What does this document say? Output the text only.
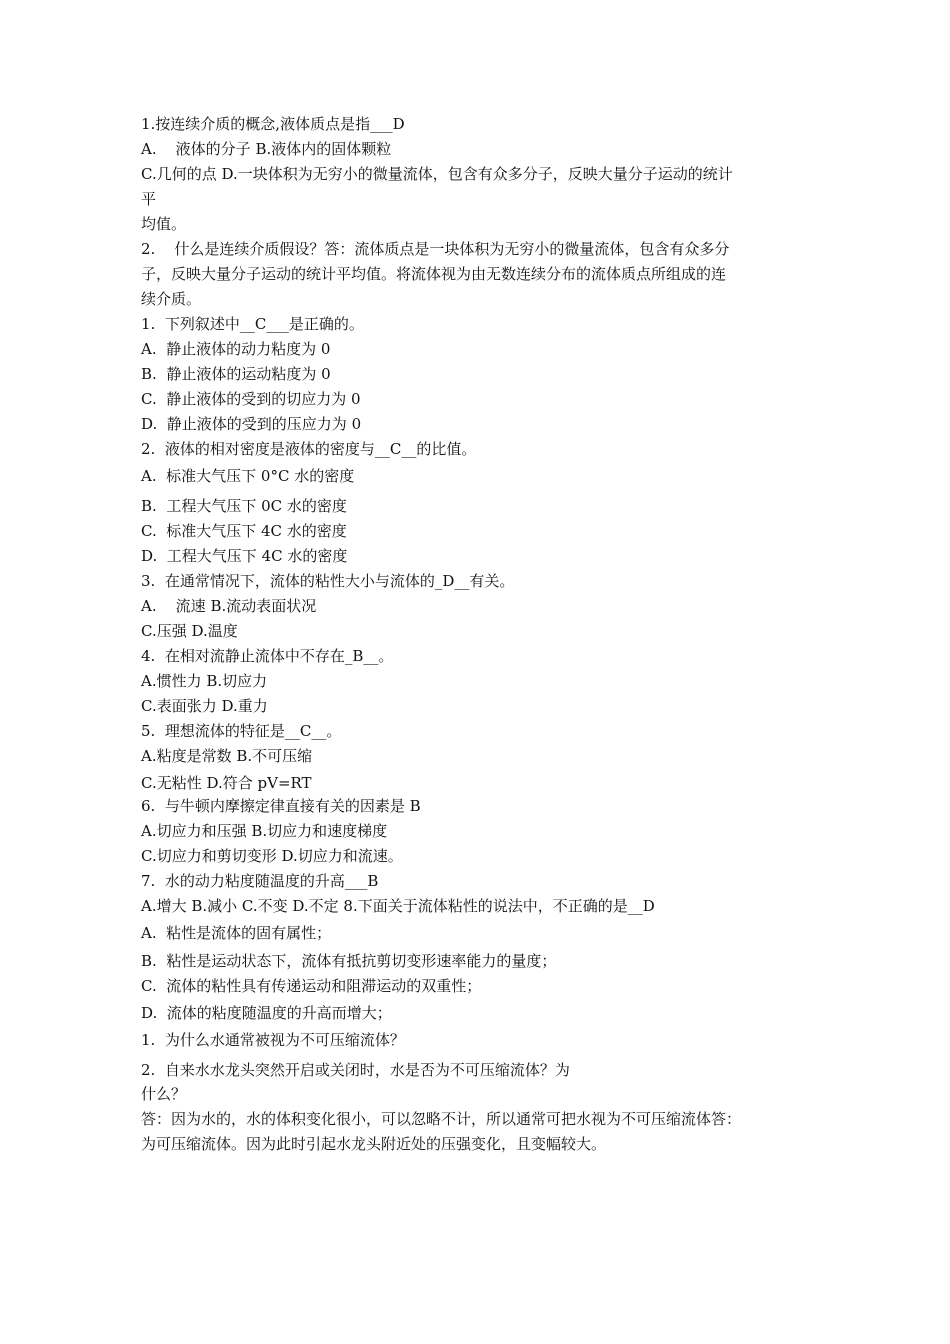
1.按连续介质的概念,液体质点是指___D
A.    液体的分子 B.液体内的固体颗粒
C.几何的点 D.一块体积为无穷小的微量流体，包含有众多分子，反映大量分子运动的统计
平
均值。
2.    什么是连续介质假设？答：流体质点是一块体积为无穷小的微量流体，包含有众多分
子，反映大量分子运动的统计平均值。将流体视为由无数连续分布的流体质点所组成的连
续介质。
1.  下列叙述中__C___是正确的。
A.  静止液体的动力粘度为 0
B.  静止液体的运动粘度为 0
C.  静止液体的受到的切应力为 0
D.  静止液体的受到的压应力为 0
2.  液体的相对密度是液体的密度与__C__的比值。
A.  标准大气压下 0°C 水的密度
B.  工程大气压下 0C 水的密度
C.  标准大气压下 4C 水的密度
D.  工程大气压下 4C 水的密度
3.  在通常情况下，流体的粘性大小与流体的_D__有关。
A.    流速 B.流动表面状况
C.压强 D.温度
4.  在相对流静止流体中不存在_B__。
A.惯性力 B.切应力
C.表面张力 D.重力
5.  理想流体的特征是__C__。
A.粘度是常数 B.不可压缩
C.无粘性 D.符合 pV=RT
6.  与牛顿内摩擦定律直接有关的因素是 B
A.切应力和压强 B.切应力和速度梯度
C.切应力和剪切变形 D.切应力和流速。
7.  水的动力粘度随温度的升高___B
A.增大 B.减小 C.不变 D.不定 8.下面关于流体粘性的说法中，不正确的是__D
A.  粘性是流体的固有属性；
B.  粘性是运动状态下，流体有抵抗剪切变形速率能力的量度；
C.  流体的粘性具有传递运动和阻滞运动的双重性；
D.  流体的粘度随温度的升高而增大；
1.  为什么水通常被视为不可压缩流体？
2.  自来水水龙头突然开启或关闭时，水是否为不可压缩流体？为
什么？
答：因为水的，水的体积变化很小，可以忽略不计，所以通常可把水视为不可压缩流体答：
为可压缩流体。因为此时引起水龙头附近处的压强变化，且变幅较大。
